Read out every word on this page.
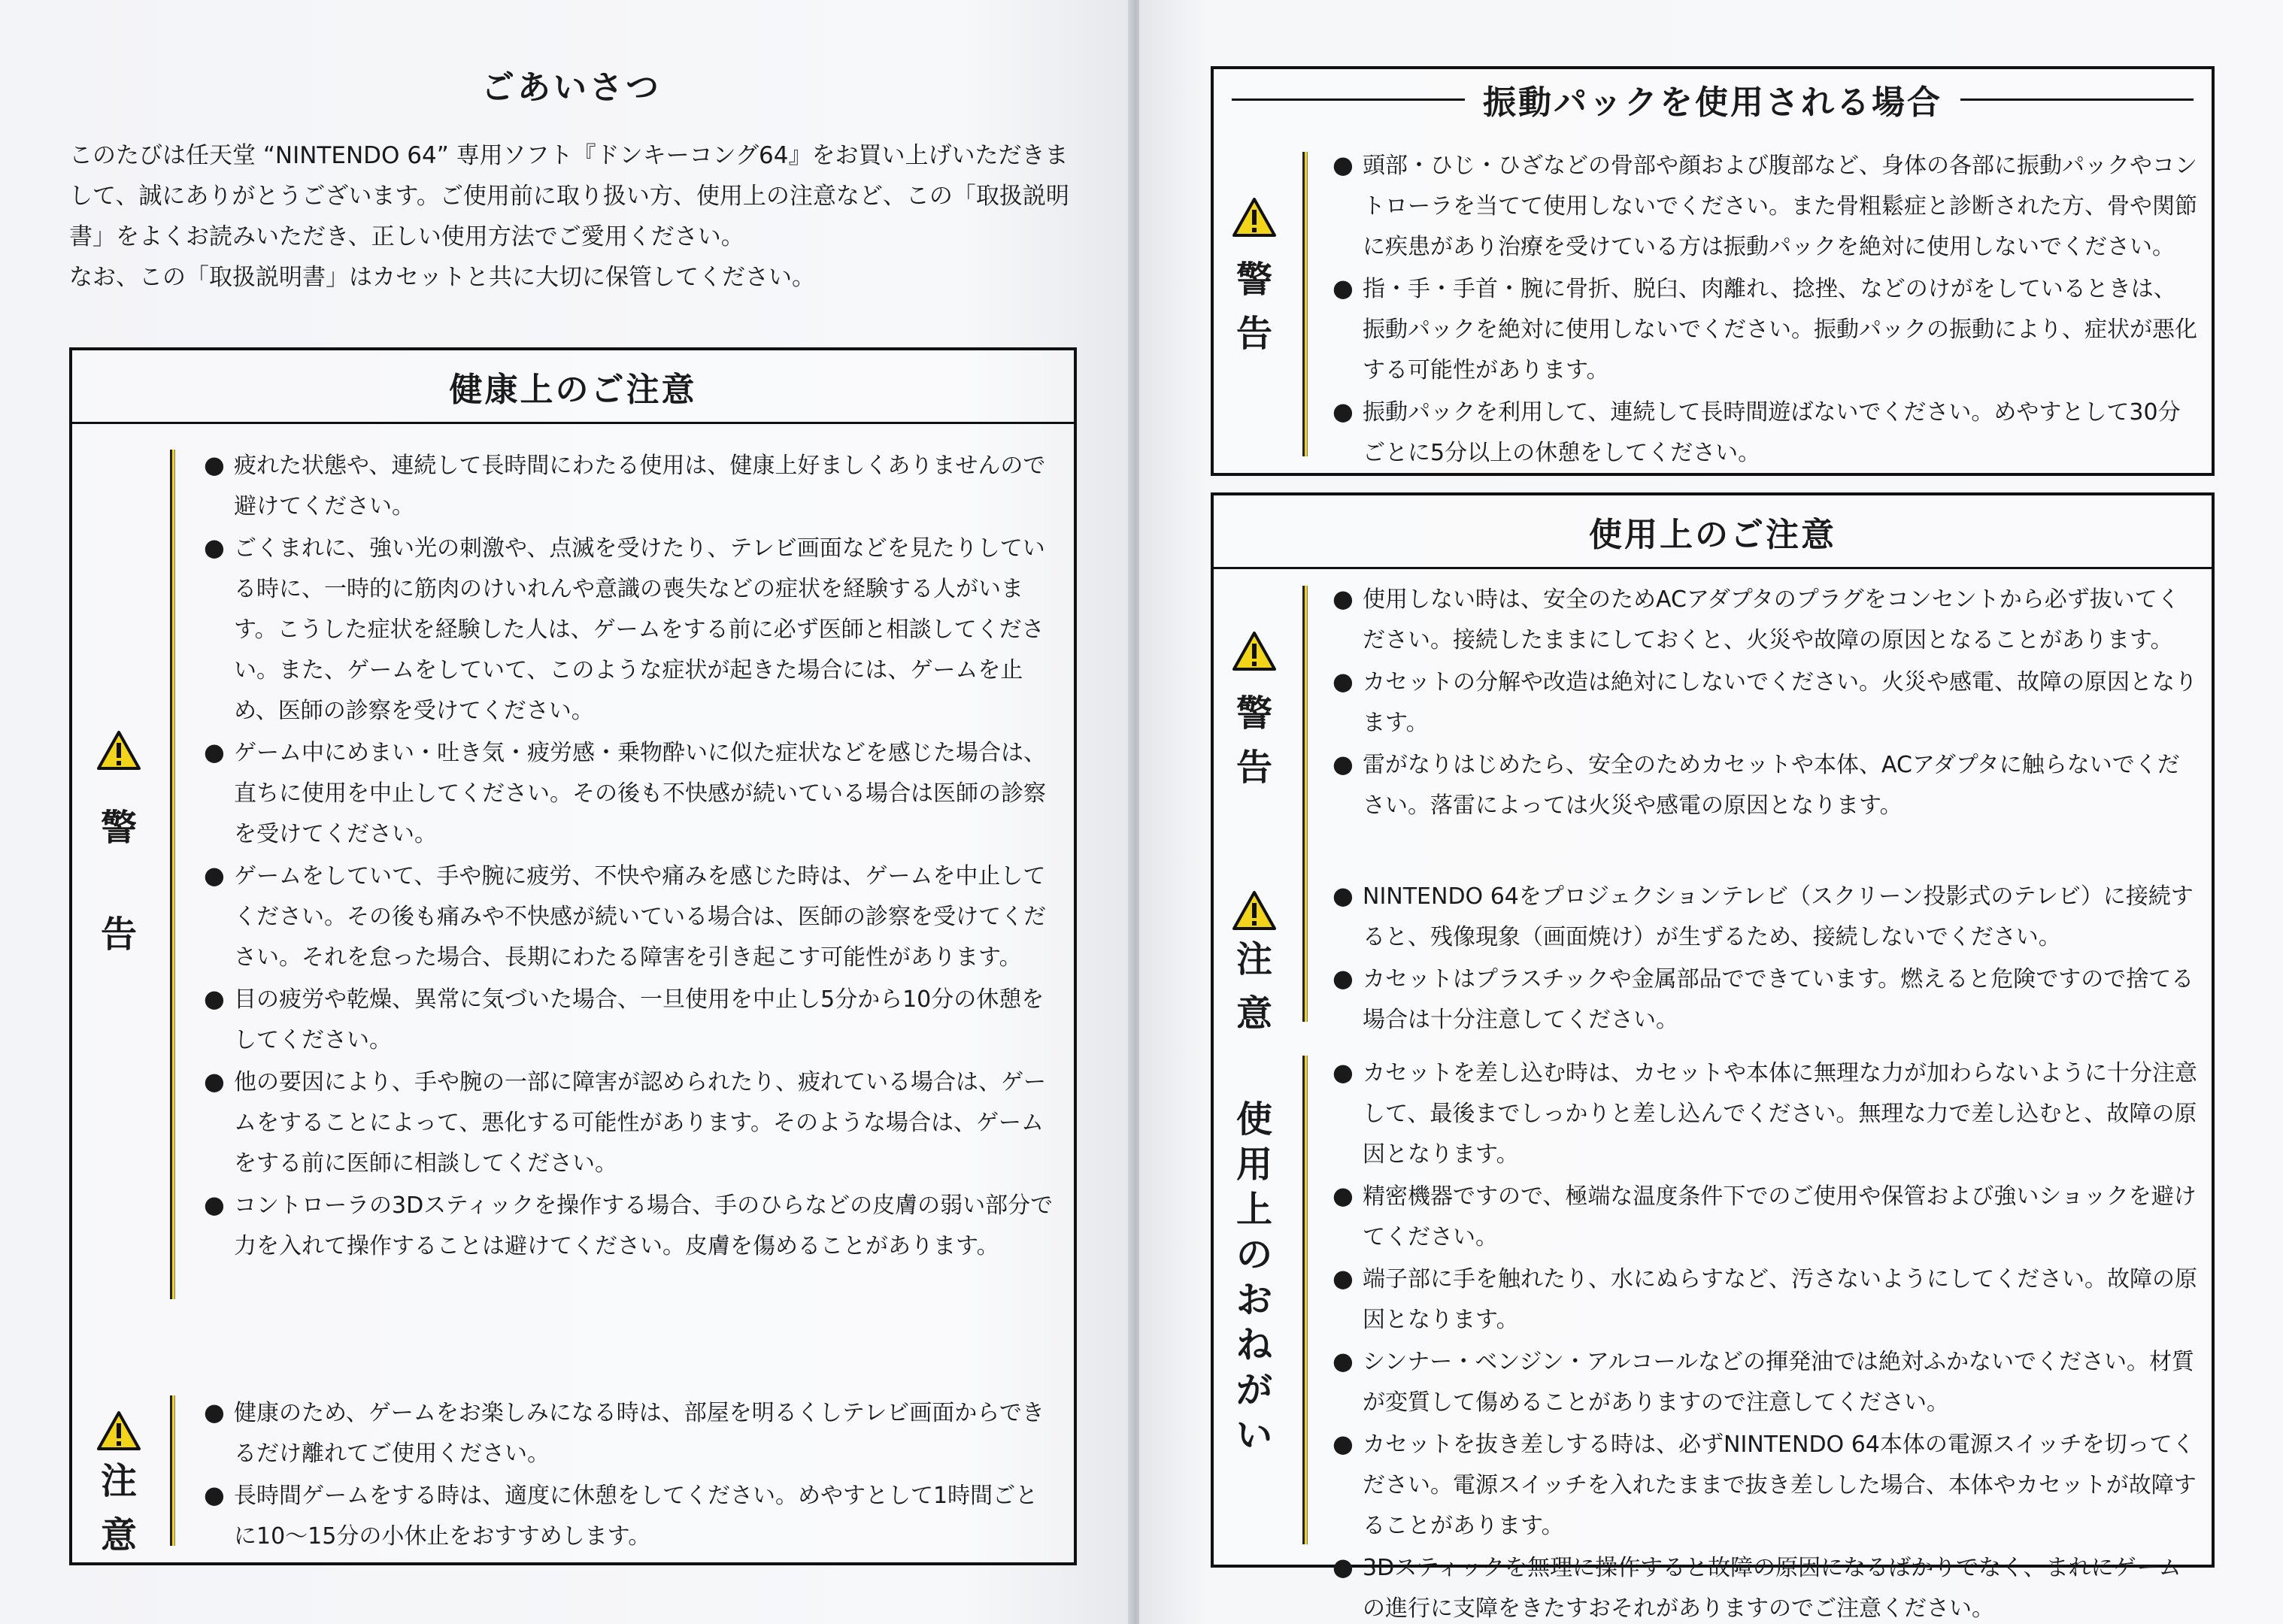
ごあいさつ

このたびは任天堂 “NINTENDO 64” 専用ソフト『ドンキーコング64』をお買い上げいただきまして、誠にありがとうございます。ご使用前に取り扱い方、使用上の注意など、この「取扱説明書」をよくお読みいただき、正しい使用方法でご愛用ください。

なお、この「取扱説明書」はカセットと共に大切に保管してください。

健康上のご注意
警
告
● 疲れた状態や、連続して長時間にわたる使用は、健康上好ましくありませんので避けてください。
● ごくまれに、強い光の刺激や、点滅を受けたり、テレビ画面などを見たりしている時に、一時的に筋肉のけいれんや意識の喪失などの症状を経験する人がいます。こうした症状を経験した人は、ゲームをする前に必ず医師と相談してください。また、ゲームをしていて、このような症状が起きた場合には、ゲームを止め、医師の診察を受けてください。
● ゲーム中にめまい・吐き気・疲労感・乗物酔いに似た症状などを感じた場合は、直ちに使用を中止してください。その後も不快感が続いている場合は医師の診察を受けてください。
● ゲームをしていて、手や腕に疲労、不快や痛みを感じた時は、ゲームを中止してください。その後も痛みや不快感が続いている場合は、医師の診察を受けてください。それを怠った場合、長期にわたる障害を引き起こす可能性があります。
● 目の疲労や乾燥、異常に気づいた場合、一旦使用を中止し5分から10分の休憩をしてください。
● 他の要因により、手や腕の一部に障害が認められたり、疲れている場合は、ゲームをすることによって、悪化する可能性があります。そのような場合は、ゲームをする前に医師に相談してください。
● コントローラの3Dスティックを操作する場合、手のひらなどの皮膚の弱い部分で力を入れて操作することは避けてください。皮膚を傷めることがあります。
注
意
● 健康のため、ゲームをお楽しみになる時は、部屋を明るくしテレビ画面からできるだけ離れてご使用ください。
● 長時間ゲームをする時は、適度に休憩をしてください。めやすとして1時間ごとに10〜15分の小休止をおすすめします。
振動パックを使用される場合
警
告
● 頭部・ひじ・ひざなどの骨部や顔および腹部など、身体の各部に振動パックやコントローラを当てて使用しないでください。また骨粗鬆症と診断された方、骨や関節に疾患があり治療を受けている方は振動パックを絶対に使用しないでください。
● 指・手・手首・腕に骨折、脱臼、肉離れ、捻挫、などのけがをしているときは、振動パックを絶対に使用しないでください。振動パックの振動により、症状が悪化する可能性があります。
● 振動パックを利用して、連続して長時間遊ばないでください。めやすとして30分ごとに5分以上の休憩をしてください。
使用上のご注意
警
告
● 使用しない時は、安全のためACアダプタのプラグをコンセントから必ず抜いてください。接続したままにしておくと、火災や故障の原因となることがあります。
● カセットの分解や改造は絶対にしないでください。火災や感電、故障の原因となります。
● 雷がなりはじめたら、安全のためカセットや本体、ACアダプタに触らないでください。落雷によっては火災や感電の原因となります。
注
意
● NINTENDO 64をプロジェクションテレビ（スクリーン投影式のテレビ）に接続すると、残像現象（画面焼け）が生ずるため、接続しないでください。
● カセットはプラスチックや金属部品でできています。燃えると危険ですので捨てる場合は十分注意してください。
使
用
上
の
お
ね
が
い
● カセットを差し込む時は、カセットや本体に無理な力が加わらないように十分注意して、最後までしっかりと差し込んでください。無理な力で差し込むと、故障の原因となります。
● 精密機器ですので、極端な温度条件下でのご使用や保管および強いショックを避けてください。
● 端子部に手を触れたり、水にぬらすなど、汚さないようにしてください。故障の原因となります。
● シンナー・ベンジン・アルコールなどの揮発油では絶対ふかないでください。材質が変質して傷めることがありますので注意してください。
● カセットを抜き差しする時は、必ずNINTENDO 64本体の電源スイッチを切ってください。電源スイッチを入れたままで抜き差しした場合、本体やカセットが故障することがあります。
● 3Dスティックを無理に操作すると故障の原因になるばかりでなく、まれにゲームの進行に支障をきたすおそれがありますのでご注意ください。
